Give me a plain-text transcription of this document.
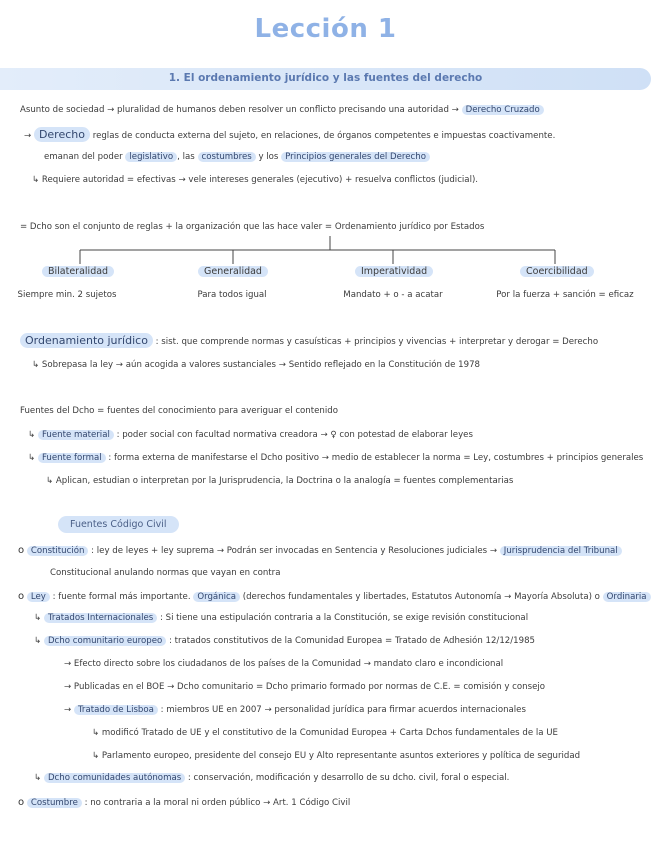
Lección 1
1. El ordenamiento jurídico y las fuentes del derecho
Asunto de sociedad → pluralidad de humanos deben resolver un conflicto precisando una autoridad → Derecho Cruzado
→ Derecho reglas de conducta externa del sujeto, en relaciones, de órganos competentes e impuestas coactivamente.
emanan del poder legislativo , las costumbres y los Principios generales del Derecho
↳ Requiere autoridad = efectivas → vele intereses generales (ejecutivo) + resuelva conflictos (judicial).
= Dcho son el conjunto de reglas + la organización que las hace valer = Ordenamiento jurídico por Estados
Bilateralidad	Generalidad	Imperatividad	Coercibilidad
Siempre min. 2 sujetos	Para todos igual	Mandato + o - a acatar	Por la fuerza + sanción = eficaz
Ordenamiento jurídico : sist. que comprende normas y casuísticas + principios y vivencias + interpretar y derogar = Derecho
↳ Sobrepasa la ley → aún acogida a valores sustanciales → Sentido reflejado en la Constitución de 1978
Fuentes del Dcho = fuentes del conocimiento para averiguar el contenido
↳ Fuente material : poder social con facultad normativa creadora → ♀ con potestad de elaborar leyes
↳ Fuente formal : forma externa de manifestarse el Dcho positivo → medio de establecer la norma = Ley, costumbres + principios generales
↳ Aplican, estudian o interpretan por la Jurisprudencia, la Doctrina o la analogía = fuentes complementarias
Fuentes Código Civil
o Constitución : ley de leyes + ley suprema → Podrán ser invocadas en Sentencia y Resoluciones judiciales → Jurisprudencia del Tribunal
Constitucional anulando normas que vayan en contra
o Ley : fuente formal más importante. Orgánica (derechos fundamentales y libertades, Estatutos Autonomía → Mayoría Absoluta) o Ordinaria
↳ Tratados Internacionales : Si tiene una estipulación contraria a la Constitución, se exige revisión constitucional
↳ Dcho comunitario europeo : tratados constitutivos de la Comunidad Europea = Tratado de Adhesión 12/12/1985
→ Efecto directo sobre los ciudadanos de los países de la Comunidad → mandato claro e incondicional
→ Publicadas en el BOE → Dcho comunitario = Dcho primario formado por normas de C.E. = comisión y consejo
→ Tratado de Lisboa : miembros UE en 2007 → personalidad jurídica para firmar acuerdos internacionales
↳ modificó Tratado de UE y el constitutivo de la Comunidad Europea + Carta Dchos fundamentales de la UE
↳ Parlamento europeo, presidente del consejo EU y Alto representante asuntos exteriores y política de seguridad
↳ Dcho comunidades autónomas : conservación, modificación y desarrollo de su dcho. civil, foral o especial.
o Costumbre : no contraria a la moral ni orden público → Art. 1 Código Civil
